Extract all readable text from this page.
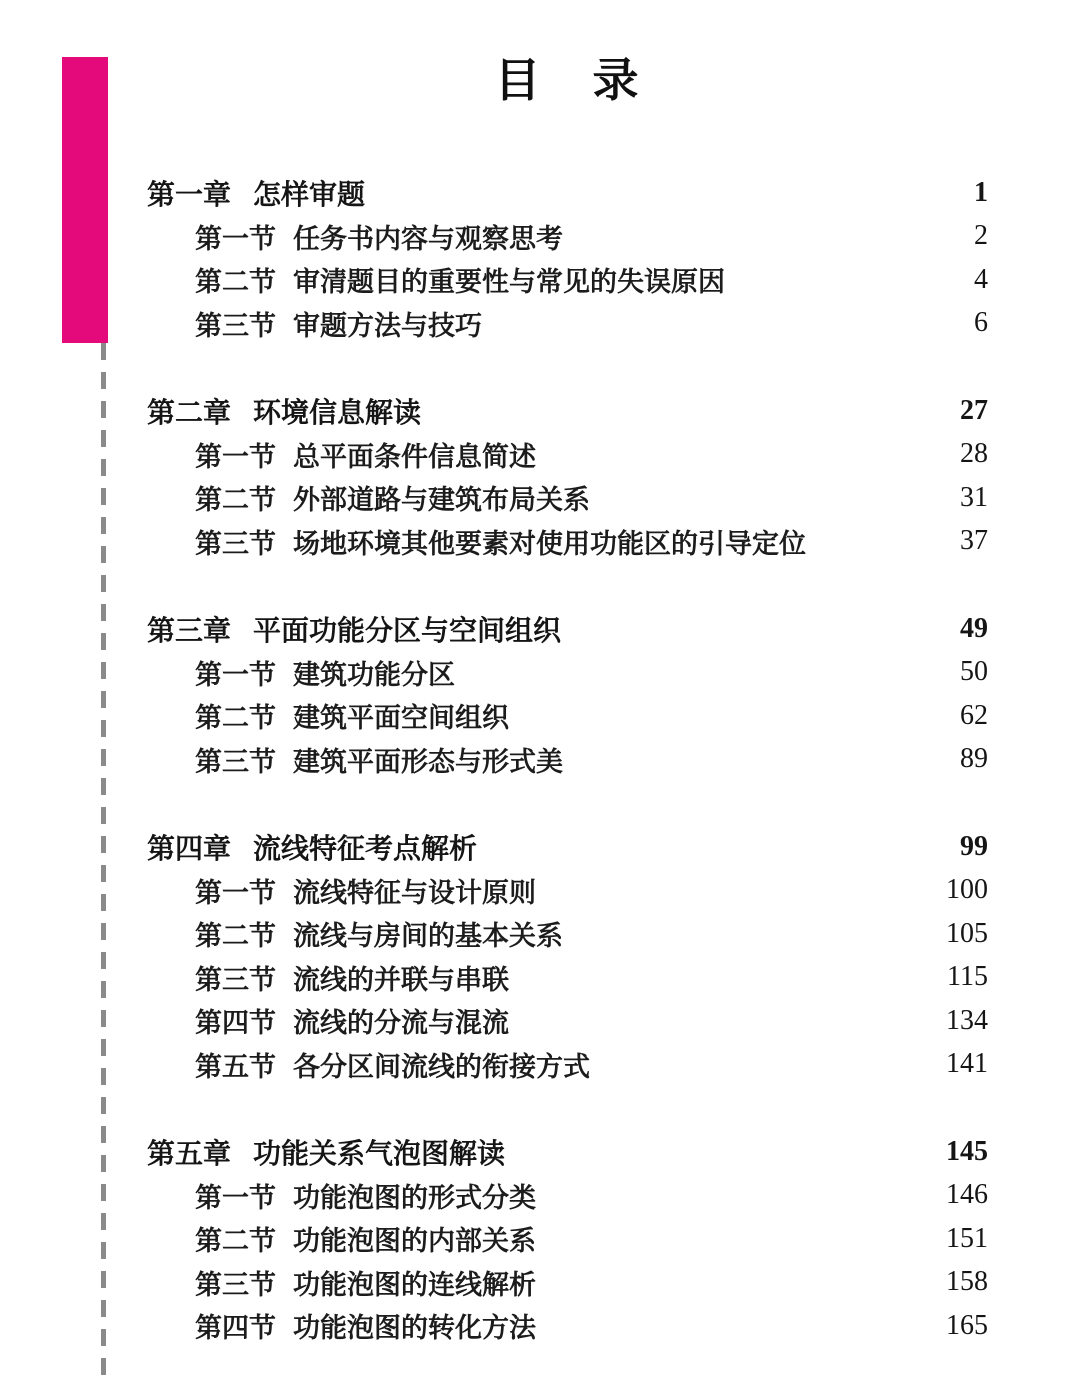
目 录
第一章 怎样审题	1
第一节 任务书内容与观察思考	2
第二节 审清题目的重要性与常见的失误原因	4
第三节 审题方法与技巧	6
第二章 环境信息解读	27
第一节 总平面条件信息简述	28
第二节 外部道路与建筑布局关系	31
第三节 场地环境其他要素对使用功能区的引导定位	37
第三章 平面功能分区与空间组织	49
第一节 建筑功能分区	50
第二节 建筑平面空间组织	62
第三节 建筑平面形态与形式美	89
第四章 流线特征考点解析	99
第一节 流线特征与设计原则	100
第二节 流线与房间的基本关系	105
第三节 流线的并联与串联	115
第四节 流线的分流与混流	134
第五节 各分区间流线的衔接方式	141
第五章 功能关系气泡图解读	145
第一节 功能泡图的形式分类	146
第二节 功能泡图的内部关系	151
第三节 功能泡图的连线解析	158
第四节 功能泡图的转化方法	165
